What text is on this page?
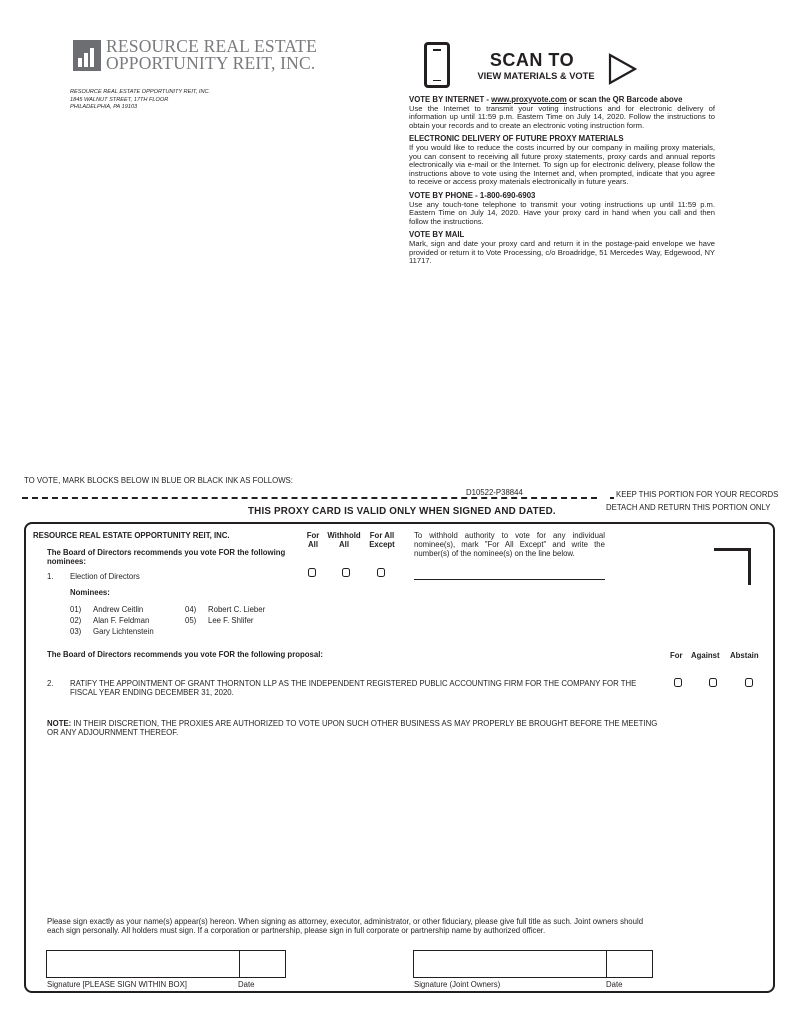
RESOURCE REAL ESTATE
OPPORTUNITY REIT, INC.
RESOURCE REAL ESTATE OPPORTUNITY REIT, INC.
1845 WALNUT STREET, 17TH FLOOR
PHILADELPHIA, PA 19103
SCAN TO
VIEW MATERIALS & VOTE
VOTE BY INTERNET - www.proxyvote.com or scan the QR Barcode above

Use the Internet to transmit your voting instructions and for electronic delivery of information up until 11:59 p.m. Eastern Time on July 14, 2020. Follow the instructions to obtain your records and to create an electronic voting instruction form.

ELECTRONIC DELIVERY OF FUTURE PROXY MATERIALS

If you would like to reduce the costs incurred by our company in mailing proxy materials, you can consent to receiving all future proxy statements, proxy cards and annual reports electronically via e-mail or the Internet. To sign up for electronic delivery, please follow the instructions above to vote using the Internet and, when prompted, indicate that you agree to receive or access proxy materials electronically in future years.

VOTE BY PHONE - 1-800-690-6903

Use any touch-tone telephone to transmit your voting instructions up until 11:59 p.m. Eastern Time on July 14, 2020. Have your proxy card in hand when you call and then follow the instructions.

VOTE BY MAIL

Mark, sign and date your proxy card and return it in the postage-paid envelope we have provided or return it to Vote Processing, c/o Broadridge, 51 Mercedes Way, Edgewood, NY 11717.

TO VOTE, MARK BLOCKS BELOW IN BLUE OR BLACK INK AS FOLLOWS:
D10522-P38844	KEEP THIS PORTION FOR YOUR RECORDS
DETACH AND RETURN THIS PORTION ONLY
THIS PROXY CARD IS VALID ONLY WHEN SIGNED AND DATED.
RESOURCE REAL ESTATE OPPORTUNITY REIT, INC.
The Board of Directors recommends you vote FOR the following nominees:
For All
Withhold All
For All Except
To withhold authority to vote for any individual nominee(s), mark "For All Except" and write the number(s) of the nominee(s) on the line below.
1. Election of Directors
Nominees:
01) Andrew Ceitlin
02) Alan F. Feldman
03) Gary Lichtenstein
04) Robert C. Lieber
05) Lee F. Shlifer
The Board of Directors recommends you vote FOR the following proposal:	For Against Abstain
2. RATIFY THE APPOINTMENT OF GRANT THORNTON LLP AS THE INDEPENDENT REGISTERED PUBLIC ACCOUNTING FIRM FOR THE COMPANY FOR THE FISCAL YEAR ENDING DECEMBER 31, 2020.
NOTE: IN THEIR DISCRETION, THE PROXIES ARE AUTHORIZED TO VOTE UPON SUCH OTHER BUSINESS AS MAY PROPERLY BE BROUGHT BEFORE THE MEETING OR ANY ADJOURNMENT THEREOF.
Please sign exactly as your name(s) appear(s) hereon. When signing as attorney, executor, administrator, or other fiduciary, please give full title as such. Joint owners should each sign personally. All holders must sign. If a corporation or partnership, please sign in full corporate or partnership name by authorized officer.
Signature [PLEASE SIGN WITHIN BOX]	Date	Signature (Joint Owners)	Date
